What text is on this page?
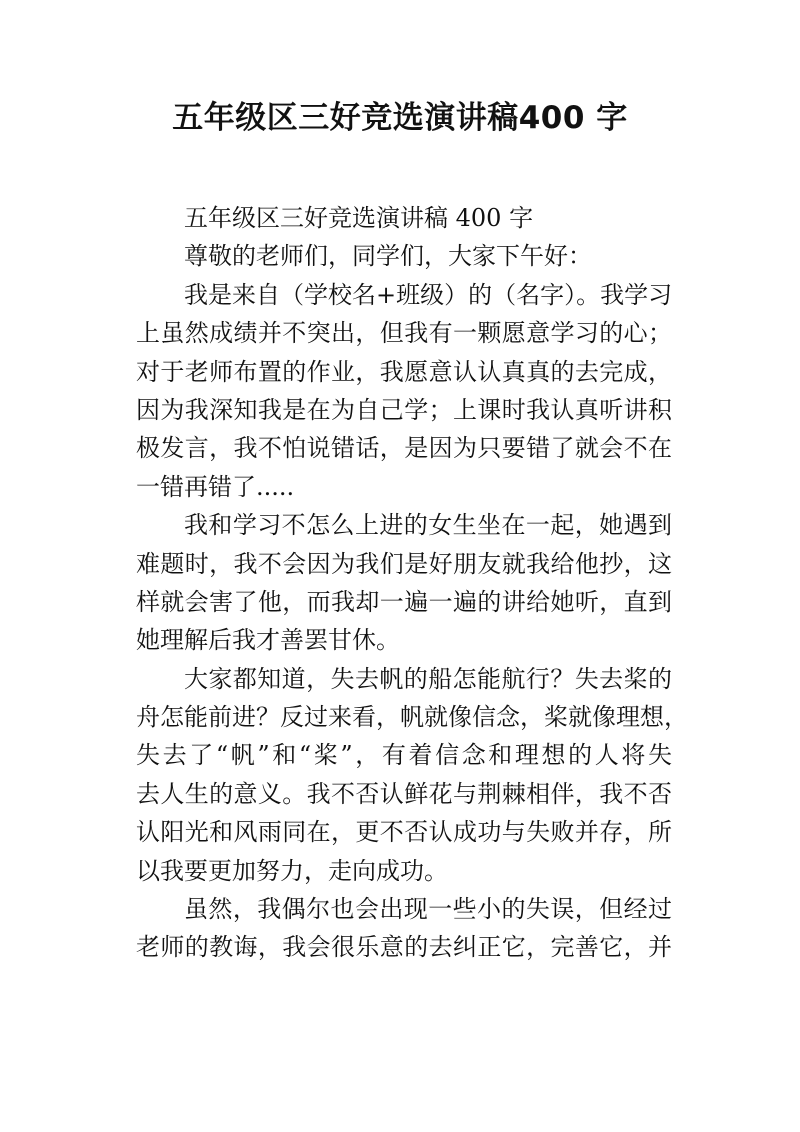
五年级区三好竞选演讲稿400 字
五年级区三好竞选演讲稿 400 字
尊敬的老师们，同学们，大家下午好：
我是来自（学校名+班级）的（名字）。我学习
上虽然成绩并不突出，但我有一颗愿意学习的心；
对于老师布置的作业，我愿意认认真真的去完成，
因为我深知我是在为自己学；上课时我认真听讲积
极发言，我不怕说错话，是因为只要错了就会不在
一错再错了.....
我和学习不怎么上进的女生坐在一起，她遇到
难题时，我不会因为我们是好朋友就我给他抄，这
样就会害了他，而我却一遍一遍的讲给她听，直到
她理解后我才善罢甘休。
大家都知道，失去帆的船怎能航行？失去桨的
舟怎能前进？反过来看，帆就像信念，桨就像理想，
失去了“帆”和“桨”，有着信念和理想的人将失
去人生的意义。我不否认鲜花与荆棘相伴，我不否
认阳光和风雨同在，更不否认成功与失败并存，所
以我要更加努力，走向成功。
虽然，我偶尔也会出现一些小的失误，但经过
老师的教诲，我会很乐意的去纠正它，完善它，并
